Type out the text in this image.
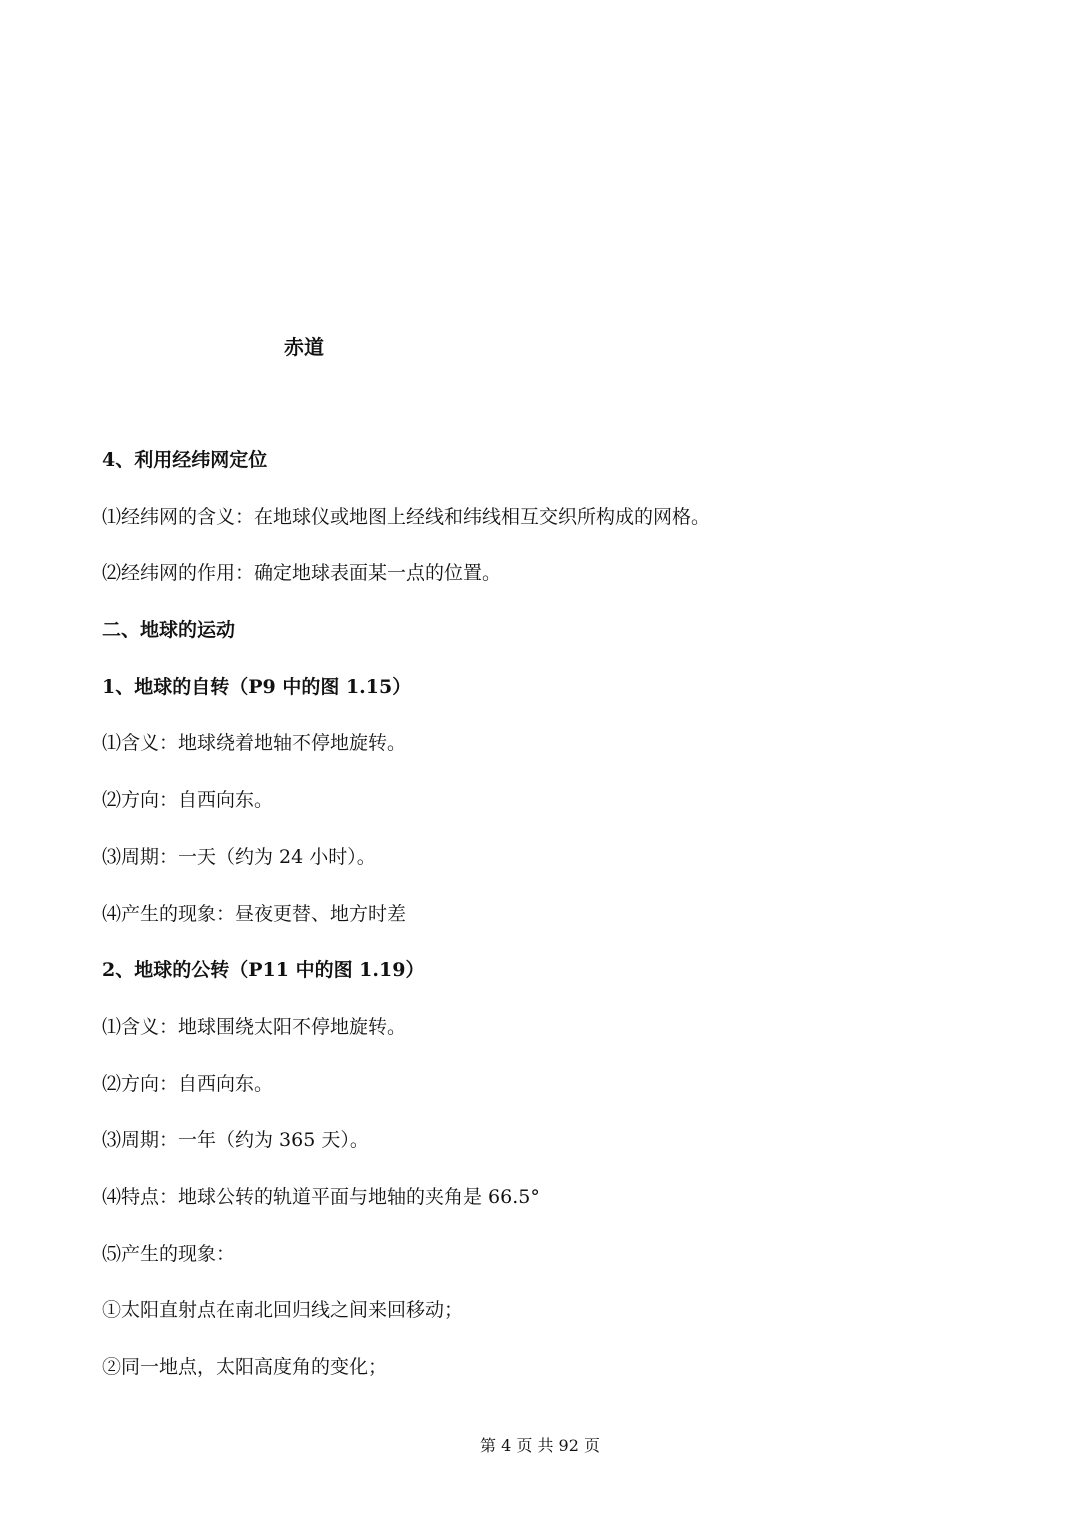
赤道
4、利用经纬网定位
⑴经纬网的含义：在地球仪或地图上经线和纬线相互交织所构成的网格。
⑵经纬网的作用：确定地球表面某一点的位置。
二、地球的运动
1、地球的自转（P9 中的图 1.15）
⑴含义：地球绕着地轴不停地旋转。
⑵方向：自西向东。
⑶周期：一天（约为 24 小时）。
⑷产生的现象：昼夜更替、地方时差
2、地球的公转（P11 中的图 1.19）
⑴含义：地球围绕太阳不停地旋转。
⑵方向：自西向东。
⑶周期：一年（约为 365 天）。
⑷特点：地球公转的轨道平面与地轴的夹角是 66.5°
⑸产生的现象：
①太阳直射点在南北回归线之间来回移动；
②同一地点，太阳高度角的变化；
第 4 页 共 92 页
